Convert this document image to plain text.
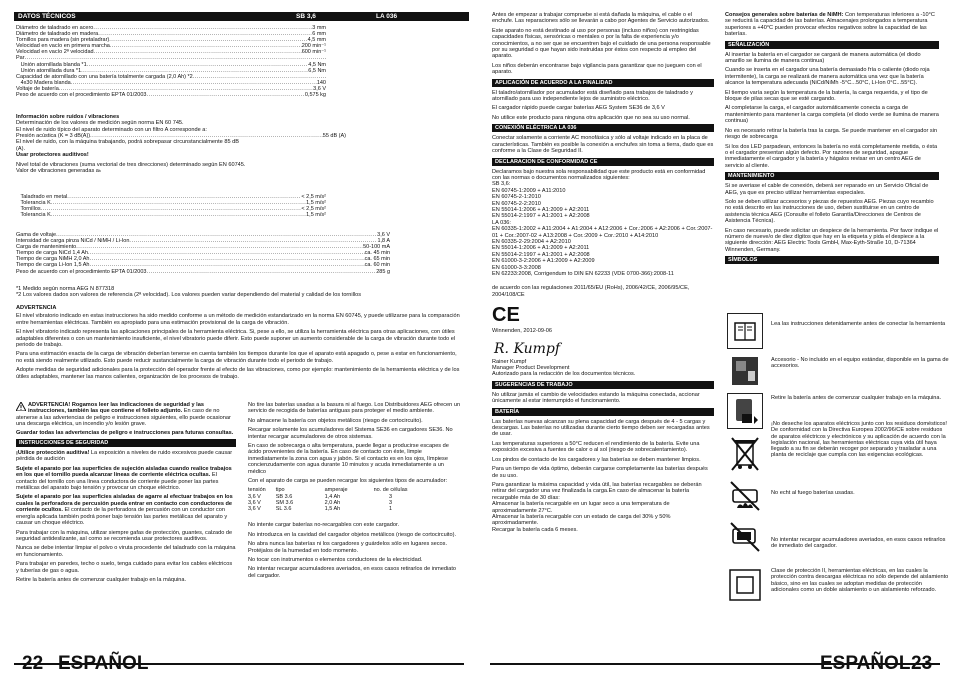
DATOS TÉCNICOS	SB 3,6	LA 036
Diámetro de taladrado en acero .....	3 mm
Diámetro de taladrado en madera .....	6 mm
Tornillos para madera (sin pretaladrar) .....	4,5 mm
Velocidad en vacío en primera marcha .....	200 min⁻¹
Velocidad en vacío 2ª velocidad .....	600 min⁻¹
Par
.....
Unión atornillada blanda *1 .....	4,5 Nm
Unión atornillada dura *1 .....	6,5 Nm
Capacidad de atornillado con una batería totalmente cargada (2,0 Ah) *2
.....
4x30 Madera blanda .....	140
Voltaje de batería .....	3,6 V
Peso de acuerdo con el procedimiento EPTA 01/2003 .....	0,575 kg

Información sobre ruidos / vibraciones

Determinación de los valores de medición según norma EN 60 745.

El nivel de ruido típico del aparato determinado con un filtro A corresponde a:

Presión acústica (K = 3 dB(A)) .....	55 dB (A)

El nivel de ruido, con la máquina trabajando, podrá sobrepasar circunstancialmente 85 dB (A).

Usar protectores auditivos!

Nivel total de vibraciones (suma vectorial de tres direcciones) determinado según EN 60745.

Valor de vibraciones generadas aₕ

Taladrado en metal .....	< 2,5 m/s²
Tolerancia K .....	1,5 m/s²
Tornillos .....	< 2,5 m/s²
Tolerancia K .....	1,5 m/s²
Gama de voltaje .....	3,6 V
Intensidad de carga pinza NiCd / NiMH / Li-Ion .....	1,8 A
Carga de mantenimiento .....	50-100 mA
Tiempo de carga NiCd 1,4 Ah .....	ca. 45 min
Tiempo de carga NiMH 2,0 Ah .....	ca. 65 min
Tiempo de carga Li-Ion 1,5 Ah .....	ca. 60 min
Peso de acuerdo con el procedimiento EPTA 01/2003 .....	285 g

*1 Medido según norma AEG N 877318

*2 Los valores dados son valores de referencia (2ª velocidad). Los valores pueden variar dependiendo del material y calidad de los tornillos

ADVERTENCIA

El nivel vibratorio indicado en estas instrucciones ha sido medido conforme a un método de medición estandarizado en la norma EN 60745, y puede utilizarse para la comparación entre herramientas eléctricas. También es apropiado para una estimación provisional de la carga de vibración.

El nivel vibratorio indicado representa las aplicaciones principales de la herramienta eléctrica. Si, pese a ello, se utiliza la herramienta eléctrica para otras aplicaciones, con útiles adaptables diferentes o con un mantenimiento insuficiente, el nivel vibratorio puede diferir. Esto puede suponer un aumento considerable de la carga de vibración durante todo el periodo de trabajo.

Para una estimación exacta de la carga de vibración deberían tenerse en cuenta también los tiempos durante los que el aparato está apagado o, pese a estar en funcionamiento, no está siendo realmente utilizado. Esto puede reducir sustancialmente la carga de vibración durante todo el periodo de trabajo.

Adopte medidas de seguridad adicionales para la protección del operador frente al efecto de las vibraciones, como por ejemplo: mantenimiento de la herramienta eléctrica y de los útiles adaptables, mantener las manos calientes, organización de los procesos de trabajo.

ADVERTENCIA! Rogamos leer las indicaciones de seguridad y las instrucciones, también las que contiene el folleto adjunto. En caso de no atenerse a las advertencias de peligro e instrucciones siguientes, ello puede ocasionar una descarga eléctrica, un incendio y/o lesión grave.

Guardar todas las advertencias de peligro e instrucciones para futuras consultas.

INSTRUCCIONES DE SEGURIDAD

¡Utilice protección auditiva! La exposición a niveles de ruido excesivos puede causar pérdida de audición

Sujete el aparato por las superficies de sujeción aisladas cuando realice trabajos en los que el tornillo pueda alcanzar líneas de corriente eléctrica ocultas. El contacto del tornillo con una línea conductora de corriente puede poner las partes metálicas del aparato bajo tensión y provocar un choque eléctrico.

Sujete el aparato por las superficies aisladas de agarre al efectuar trabajos en los cuales la perforadora de percusión pueda entrar en contacto con conductores de corriente ocultos. El contacto de la perforadora de percusión con un conductor con energía aplicada también podrá poner bajo tensión las partes metálicas del aparato y causar un choque eléctrico.

Para trabajar con la máquina, utilizar siempre gafas de protección, guantes, calzado de seguridad antideslizante, así como se recomienda usar protectores auditivos.

Nunca se debe intentar limpiar el polvo o viruta procedente del taladrado con la máquina en funcionamiento.

Para trabajar en paredes, techo o suelo, tenga cuidado para evitar los cables eléctricos y tuberías de gas o agua.

Retire la batería antes de comenzar cualquier trabajo en la máquina.

No tire las baterías usadas a la basura ni al fuego. Los Distribuidores AEG ofrecen un servicio de recogida de baterías antiguas para proteger el medio ambiente.

No almacene la batería con objetos metálicos (riesgo de cortocircuito).

Recargar solamente los acumuladores del Sistema SE36 en cargadores SE36. No intentar recargar acumuladores de otros sistemas.

En caso de sobrecarga o alta temperatura, puede llegar a producirse escapes de ácido provenientes de la batería. En caso de contacto con éste, limpie inmediatamente la zona con agua y jabón. Si el contacto es en los ojos, límpiese concienzudamente con agua durante 10 minutos y acuda inmediatamente a un médico

Con el aparato de carga se pueden recargar los siguientes tipos de acumulador:

tensión	tipo	amperaje	no. de células
3,6 V	SB 3.6	1,4 Ah	3
3,6 V	SM 3.6	2,0 Ah	3
3,6 V	SL 3.6	1,5 Ah	1

No intente cargar baterías no-recargables con este cargador.

No introduzca en la cavidad del cargador objetos metálicos (riesgo de cortocircuito).

No abra nunca las baterías ni los cargadores y guárdelos sólo en lugares secos. Protéjalos de la humedad en todo momento.

No tocar con instrumentos o elementos conductores de la electricidad.

No intentar recargar acumuladores averiados, en esos casos retirarlos de inmediato del cargador.

22 ESPAÑOL

Antes de empezar a trabajar compruebe si está dañada la máquina, el cable o el enchufe. Las reparaciones sólo se llevarán a cabo por Agentes de Servicio autorizados.

Este aparato no está destinado al uso por personas (incluso niños) con restringidas capacidades físicas, sensóricas o mentales o por la falta de experiencia y/o conocimientos, a no ser que se encuentren bajo el cuidado de una persona responsable por su seguridad o que hayan sido instruidas por éstos con respecto al empleo del aparato.

Los niños deberán encontrarse bajo vigilancia para garantizar que no jueguen con el aparato.

APLICACIÓN DE ACUERDO A LA FINALIDAD

El taladro/atornillador por acumulador está diseñado para trabajos de taladrado y atornillado para uso independiente lejos de suministro eléctrico.

El cargador rápido puede cargar baterías AEG System SE36 de 3,6 V

No utilice este producto para ninguna otra aplicación que no sea su uso normal.

CONEXIÓN ELÉCTRICA LA 036

Conectar solamente a corriente AC monofásica y sólo al voltaje indicado en la placa de características. También es posible la conexión a enchufes sin toma a tierra, dado que es conforme a la Clase de Seguridad II.

DECLARACION DE CONFORMIDAD CE

Declaramos bajo nuestra sola responsabilidad que este producto está en conformidad con las normas o documentos normalizados siguientes:

SB 3,6:
EN 60745-1:2009 + A11:2010
EN 60745-2-1:2010
EN 60745-2-2:2010
EN 55014-1:2006 + A1:2009 + A2:2011
EN 55014-2:1997 + A1:2001 + A2:2008
LA 036:
EN 60335-1:2002 + A11:2004 + A1:2004 + A12:2006 + Cor.:2006 + A2:2006 + Cor.:2007-01 + Cor.:2007-02 + A13:2008 + Cor.:2009 + Cor.:2010 + A14:2010
EN 60335-2-29:2004 + A2:2010
EN 55014-1:2006 + A1:2009 + A2:2011
EN 55014-2:1997 + A1:2001 + A2:2008
EN 61000-3-2:2006 + A1:2009 + A2:2009
EN 61000-3-3:2008
EN 62233:2008, Corrigendum to DIN EN 62233 (VDE 0700-366):2008-11

de acuerdo con las regulaciones 2011/65/EU (RoHs), 2006/42/CE, 2006/95/CE, 2004/108/CE

CE

Winnenden, 2012-09-06

R. Kumpf

Rainer Kumpf

Manager Product Development

Autorizado para la redacción de los documentos técnicos.

SUGERENCIAS DE TRABAJO

No utilizar jamás el cambio de velocidades estando la máquina conectada, accionar únicamente al estar interrumpido el funcionamiento.

BATERÍA

Las baterías nuevas alcanzan su plena capacidad de carga después de 4 - 5 cargas y descargas. Las baterías no utilizadas durante cierto tiempo deben ser recargadas antes de usar.

Las temperaturas superiores a 50°C reducen el rendimiento de la batería. Evite una exposición excesiva a fuentes de calor o al sol (riesgo de sobrecalentamiento).

Los pindos de contacto de los cargadores y las baterías se deben mantener limpios.

Para un tiempo de vida óptimo, deberán cargarse completamente las baterías después de su uso.

Para garantizar la máxima capacidad y vida útil, las baterías recargables se deberán retirar del cargador una vez finalizada la carga.En caso de almacenar la batería recargable más de 30 días:

Almacenar la batería recargable en un lugar seco a una temperatura de aproximadamente 27°C.

Almacenar la batería recargable con un estado de carga del 30% y 50% aproximadamente.

Recargar la batería cada 6 meses.

Consejos generales sobre baterías de NiMH: Con temperaturas inferiores a -10°C se reducirá la capacidad de las baterías. Almacenajes prolongados a temperatura superiores a +40°C pueden provocar efectos negativos sobre la capacidad de las baterías.

SEÑALIZACIÓN

Al insertar la batería en el cargador se cargará de manera automática (el diodo amarillo se ilumina de manera continua)

Cuando se inserta en el cargador una batería demasiado fría o caliente (diodo roja intermitente), la carga se realizará de manera automática una vez que la batería alcance la temperatura adecuada (NiCd/NiMh -5°C...50°C, Li-Ion 0°C...55°C).

El tiempo varía según la temperatura de la batería, la carga requerida, y el tipo de bloque de pilas secas que se esté cargando.

Al completarse la carga, el cargador automáticamente conecta a carga de mantenimiento para mantener la carga completa (el diodo verde se ilumina de manera continua)

No es necesario retirar la batería tras la carga. Se puede mantener en el cargador sin riesgo de sobrecarga

Si los dos LED parpadean, entonces la batería no está completamente metida, o ésta o el cargador presentan algún defecto. Por razones de seguridad, apague inmediatamente el cargador y la batería y hágalos revisar en un centro AEG de servicio al cliente.

MANTENIMIENTO

Si se averiase el cable de conexión, deberá ser reparado en un Servicio Oficial de AEG, ya que es preciso utilizar herramientas especiales.

Solo se deben utilizar accesorios y piezas de repuestos AEG. Piezas cuyo recambio no está descrito en las instrucciones de uso, deben sustituirse en un centro de asistencia técnica AEG (Consulte el folleto Garantía/Direcciones de Centros de Asistencia Técnica).

En caso necesario, puede solicitar un despiece de la herramienta. Por favor indique el número de nueve/o de diez dígitos que hay en la etiqueta y pida el despiece a la siguiente dirección: AEG Electric Tools GmbH, Max-Eyth-Straße 10, D-71364 Winnenden, Germany.

SÍMBOLOS
Lea las instrucciones detenidamente antes de conectar la herramienta
Accesorio - No incluido en el equipo estándar, disponible en la gama de accesorios.
Retire la batería antes de comenzar cualquier trabajo en la máquina.
¡No deseche los aparatos eléctricos junto con los residuos domésticos! De conformidad con la Directiva Europea 2002/96/CE sobre residuos de aparatos eléctricos y electrónicos y su aplicación de acuerdo con la legislación nacional, las herramientas eléctricas cuya vida útil haya llegado a su fin se deberán recoger por separado y trasladar a una planta de reciclaje que cumpla con las exigencias ecológicas.
No echt al fuego baterías usadas.
No intentar recargar acumuladores averiados, en esos casos retirarlos de inmediato del cargador.
Clase de protección II, herramientas eléctricas, en las cuales la protección contra descargas eléctricas no sólo depende del aislamiento básico, sino en las cuales se adoptan medidas de protección adicionales como un doble aislamiento o un aislamiento reforzado.
ESPAÑOL 23
